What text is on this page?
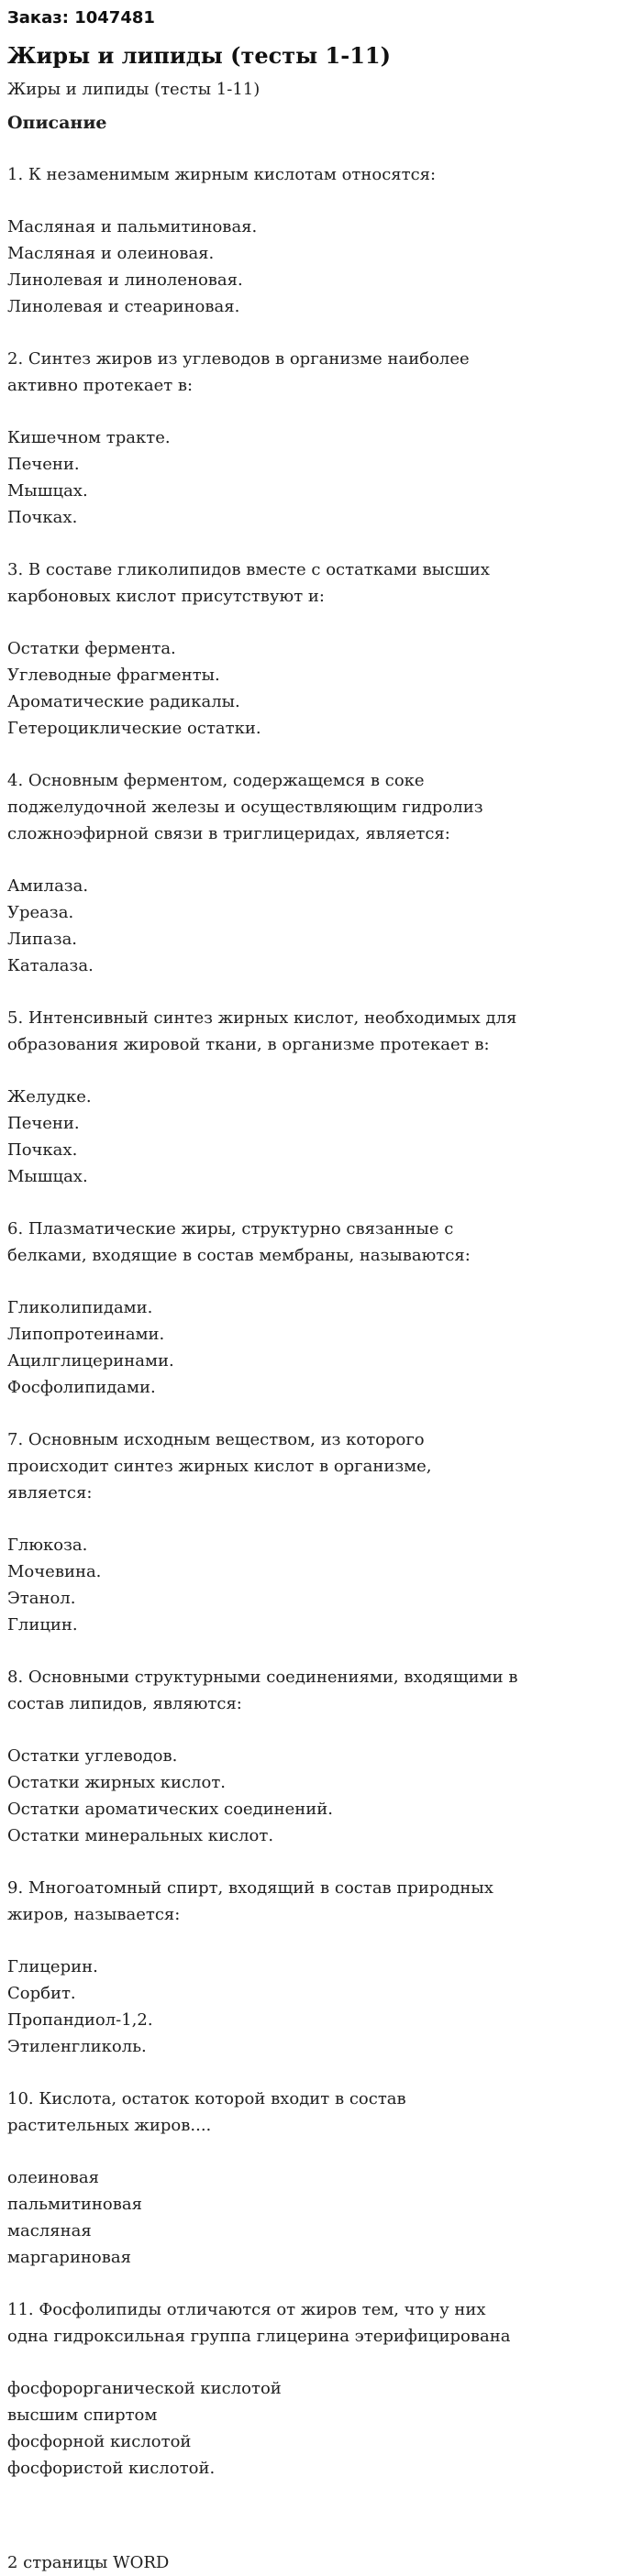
Заказ: 1047481

Жиры и липиды (тесты 1-11)

Жиры и липиды (тесты 1-11)

Описание

1. К незаменимым жирным кислотам относятся:

Масляная и пальмитиновая.
Масляная и олеиновая.
Линолевая и линоленовая.
Линолевая и стеариновая.

2. Синтез жиров из углеводов в организме наиболее активно протекает в:

Кишечном тракте.
Печени.
Мышцах.
Почках.

3. В составе гликолипидов вместе с остатками высших карбоновых кислот присутствуют и:

Остатки фермента.
Углеводные фрагменты.
Ароматические радикалы.
Гетероциклические остатки.

4. Основным ферментом, содержащемся в соке поджелудочной железы и осуществляющим гидролиз сложноэфирной связи в триглицеридах, является:

Амилаза.
Уреаза.
Липаза.
Каталаза.

5. Интенсивный синтез жирных кислот, необходимых для образования жировой ткани, в организме протекает в:

Желудке.
Печени.
Почках.
Мышцах.

6. Плазматические жиры, структурно связанные с белками, входящие в состав мембраны, называются:

Гликолипидами.
Липопротеинами.
Ацилглицеринами.
Фосфолипидами.

7. Основным исходным веществом, из которого происходит синтез жирных кислот в организме, является:

Глюкоза.
Мочевина.
Этанол.
Глицин.

8. Основными структурными соединениями, входящими в состав липидов, являются:

Остатки углеводов.
Остатки жирных кислот.
Остатки ароматических соединений.
Остатки минеральных кислот.

9. Многоатомный спирт, входящий в состав природных жиров, называется:

Глицерин.
Сорбит.
Пропандиол-1,2.
Этиленгликоль.

10. Кислота, остаток которой входит в состав растительных жиров....

олеиновая
пальмитиновая
масляная
маргариновая

11. Фосфолипиды отличаются от жиров тем, что у них одна гидроксильная группа глицерина этерифицирована

фосфорорганической кислотой
высшим спиртом
фосфорной кислотой
фосфористой кислотой.

2 страницы WORD
